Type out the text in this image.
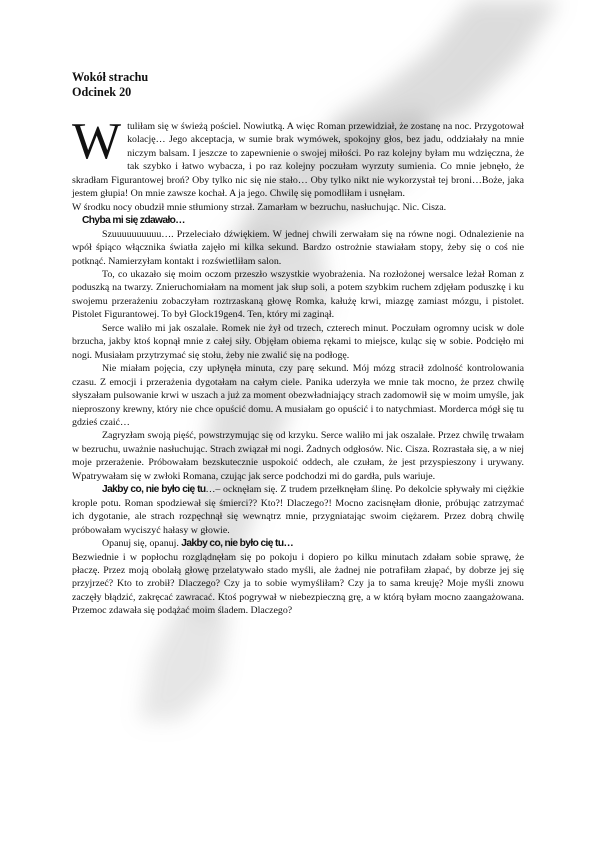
Wokół strachu
Odcinek 20

Wtuliłam się w świeżą pościel. Nowiutką. A więc Roman przewidział, że zostanę na noc. Przygotował kolację… Jego akceptacja, w sumie brak wymówek, spokojny głos, bez jadu, oddziałały na mnie niczym balsam. I jeszcze to zapewnienie o swojej miłości. Po raz kolejny byłam mu wdzięczna, że tak szybko i łatwo wybacza, i po raz kolejny poczułam wyrzuty sumienia. Co mnie jebnęło, że skradłam Figurantowej broń? Oby tylko nic się nie stało… Oby tylko nikt nie wykorzystał tej broni…Boże, jaka jestem głupia! On mnie zawsze kochał. A ja jego. Chwilę się pomodliłam i usnęłam.

W środku nocy obudził mnie stłumiony strzał. Zamarłam w bezruchu, nasłuchując. Nic. Cisza.

Chyba mi się zdawało…

Szuuuuuuuuuu…. Przeleciało dźwiękiem. W jednej chwili zerwałam się na równe nogi. Odnalezienie na wpół śpiąco włącznika światła zajęło mi kilka sekund. Bardzo ostrożnie stawiałam stopy, żeby się o coś nie potknąć. Namierzyłam kontakt i rozświetliłam salon.

To, co ukazało się moim oczom przeszło wszystkie wyobrażenia. Na rozłożonej wersalce leżał Roman z poduszką na twarzy. Znieruchomiałam na moment jak słup soli, a potem szybkim ruchem zdjęłam poduszkę i ku swojemu przerażeniu zobaczyłam roztrzaskaną głowę Romka, kałużę krwi, miazgę zamiast mózgu, i pistolet. Pistolet Figurantowej. To był Glock19gen4. Ten, który mi zaginął.

Serce waliło mi jak oszalałe. Romek nie żył od trzech, czterech minut. Poczułam ogromny ucisk w dole brzucha, jakby ktoś kopnął mnie z całej siły. Objęłam obiema rękami to miejsce, kuląc się w sobie. Podcięło mi nogi. Musiałam przytrzymać się stołu, żeby nie zwalić się na podłogę.

Nie miałam pojęcia, czy upłynęła minuta, czy parę sekund. Mój mózg stracił zdolność kontrolowania czasu. Z emocji i przerażenia dygotałam na całym ciele. Panika uderzyła we mnie tak mocno, że przez chwilę słyszałam pulsowanie krwi w uszach a już za moment obezwładniający strach zadomowił się w moim umyśle, jak nieproszony krewny, który nie chce opuścić domu. A musiałam go opuścić i to natychmiast. Morderca mógł się tu gdzieś czaić…

Zagryzłam swoją pięść, powstrzymując się od krzyku. Serce waliło mi jak oszalałe. Przez chwilę trwałam w bezruchu, uważnie nasłuchując. Strach związał mi nogi. Żadnych odgłosów. Nic. Cisza. Rozrastała się, a w niej moje przerażenie. Próbowałam bezskutecznie uspokoić oddech, ale czułam, że jest przyspieszony i urywany. Wpatrywałam się w zwłoki Romana, czując jak serce podchodzi mi do gardła, puls wariuje.

Jakby co, nie było cię tu…– ocknęłam się. Z trudem przełknęłam ślinę. Po dekolcie spływały mi ciężkie krople potu. Roman spodziewał się śmierci?? Kto?! Dlaczego?! Mocno zacisnęłam dłonie, próbując zatrzymać ich dygotanie, ale strach rozpęchnął się wewnątrz mnie, przygniatając swoim ciężarem. Przez dobrą chwilę próbowałam wyciszyć hałasy w głowie.

Opanuj się, opanuj. Jakby co, nie było cię tu…

Bezwiednie i w popłochu rozglądnęłam się po pokoju i dopiero po kilku minutach zdałam sobie sprawę, że płaczę. Przez moją obolałą głowę przelatywało stado myśli, ale żadnej nie potrafiłam złapać, by dobrze jej się przyjrzeć? Kto to zrobił? Dlaczego? Czy ja to sobie wymyśliłam? Czy ja to sama kreuję? Moje myśli znowu zaczęły błądzić, zakręcać zawracać. Ktoś pogrywał w niebezpieczną grę, a w którą byłam mocno zaangażowana. Przemoc zdawała się podążać moim śladem. Dlaczego?
